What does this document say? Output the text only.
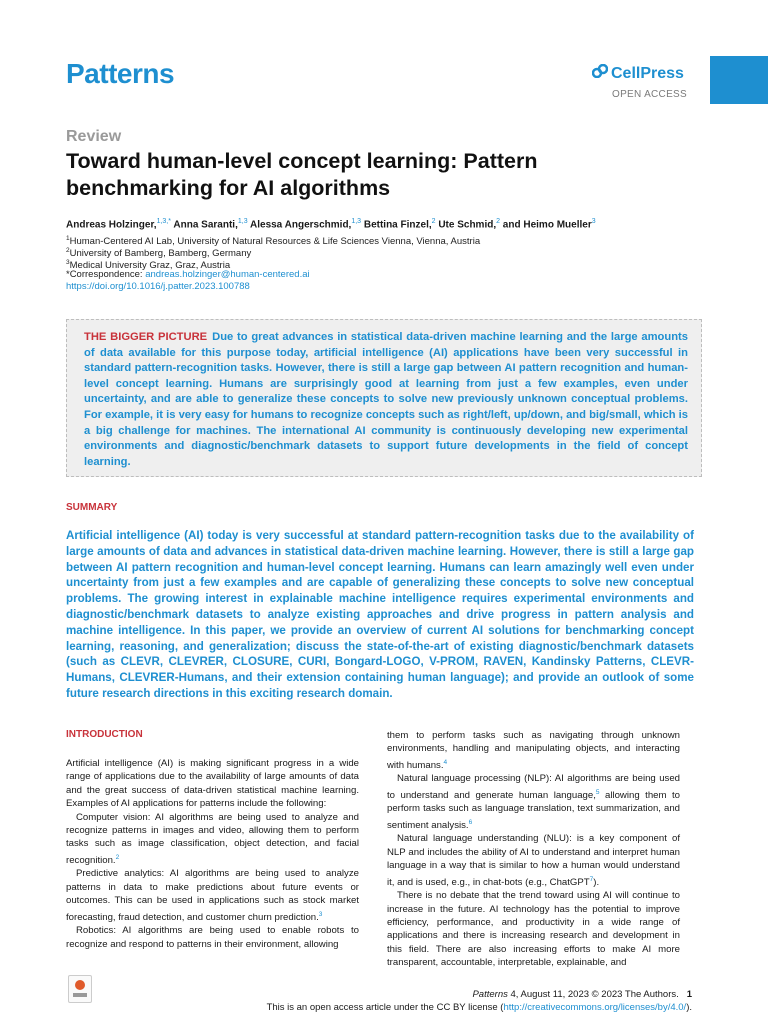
Patterns	CellPress
OPEN ACCESS
Review
Toward human-level concept learning: Pattern benchmarking for AI algorithms
Andreas Holzinger,$^{1,3,*}$ Anna Saranti,$^{1,3}$ Alessa Angerschmid,$^{1,3}$ Bettina Finzel,$^2$ Ute Schmid,$^2$ and Heimo Mueller$^3$
$^1$Human-Centered AI Lab, University of Natural Resources & Life Sciences Vienna, Vienna, Austria
$^2$University of Bamberg, Bamberg, Germany
$^3$Medical University Graz, Graz, Austria
*Correspondence: andreas.holzinger@human-centered.ai
https://doi.org/10.1016/j.patter.2023.100788
THE BIGGER PICTURE Due to great advances in statistical data-driven machine learning and the large amounts of data available for this purpose today, artificial intelligence (AI) applications have been very successful in standard pattern-recognition tasks. However, there is still a large gap between AI pattern recognition and human-level concept learning. Humans are surprisingly good at learning from just a few examples, even under uncertainty, and are able to generalize these concepts to solve new previously unknown conceptual problems. For example, it is very easy for humans to recognize concepts such as right/left, up/down, and big/small, which is a big challenge for machines. The international AI community is continuously developing new experimental environments and diagnostic/benchmark datasets to support future developments in the field of concept learning.
SUMMARY
Artificial intelligence (AI) today is very successful at standard pattern-recognition tasks due to the availability of large amounts of data and advances in statistical data-driven machine learning. However, there is still a large gap between AI pattern recognition and human-level concept learning. Humans can learn amazingly well even under uncertainty from just a few examples and are capable of generalizing these concepts to solve new conceptual problems. The growing interest in explainable machine intelligence requires experimental environments and diagnostic/benchmark datasets to analyze existing approaches and drive progress in pattern analysis and machine intelligence. In this paper, we provide an overview of current AI solutions for benchmarking concept learning, reasoning, and generalization; discuss the state-of-the-art of existing diagnostic/benchmark datasets (such as CLEVR, CLEVRER, CLOSURE, CURI, Bongard-LOGO, V-PROM, RAVEN, Kandinsky Patterns, CLEVR-Humans, CLEVRER-Humans, and their extension containing human language); and provide an outlook of some future research directions in this exciting research domain.
INTRODUCTION

Artificial intelligence (AI) is making significant progress in a wide range of applications due to the availability of large amounts of data and the great success of data-driven statistical machine learning. Examples of AI applications for patterns include the following:

Computer vision: AI algorithms are being used to analyze and recognize patterns in images and video, allowing them to perform tasks such as image classification, object detection, and facial recognition.$^2$

Predictive analytics: AI algorithms are being used to analyze patterns in data to make predictions about future events or outcomes. This can be used in applications such as stock market forecasting, fraud detection, and customer churn prediction.$^3$

Robotics: AI algorithms are being used to enable robots to recognize and respond to patterns in their environment, allowing

them to perform tasks such as navigating through unknown environments, handling and manipulating objects, and interacting with humans.$^4$

Natural language processing (NLP): AI algorithms are being used to understand and generate human language,$^5$ allowing them to perform tasks such as language translation, text summarization, and sentiment analysis.$^6$

Natural language understanding (NLU): is a key component of NLP and includes the ability of AI to understand and interpret human language in a way that is similar to how a human would understand it, and is used, e.g., in chat-bots (e.g., ChatGPT$^7$).

There is no debate that the trend toward using AI will continue to increase in the future. AI technology has the potential to improve efficiency, performance, and productivity in a wide range of applications and there is increasing research and development in this field. There are also increasing efforts to make AI more transparent, accountable, interpretable, explainable, and

Patterns 4, August 11, 2023 © 2023 The Authors. 1
This is an open access article under the CC BY license (http://creativecommons.org/licenses/by/4.0/).
